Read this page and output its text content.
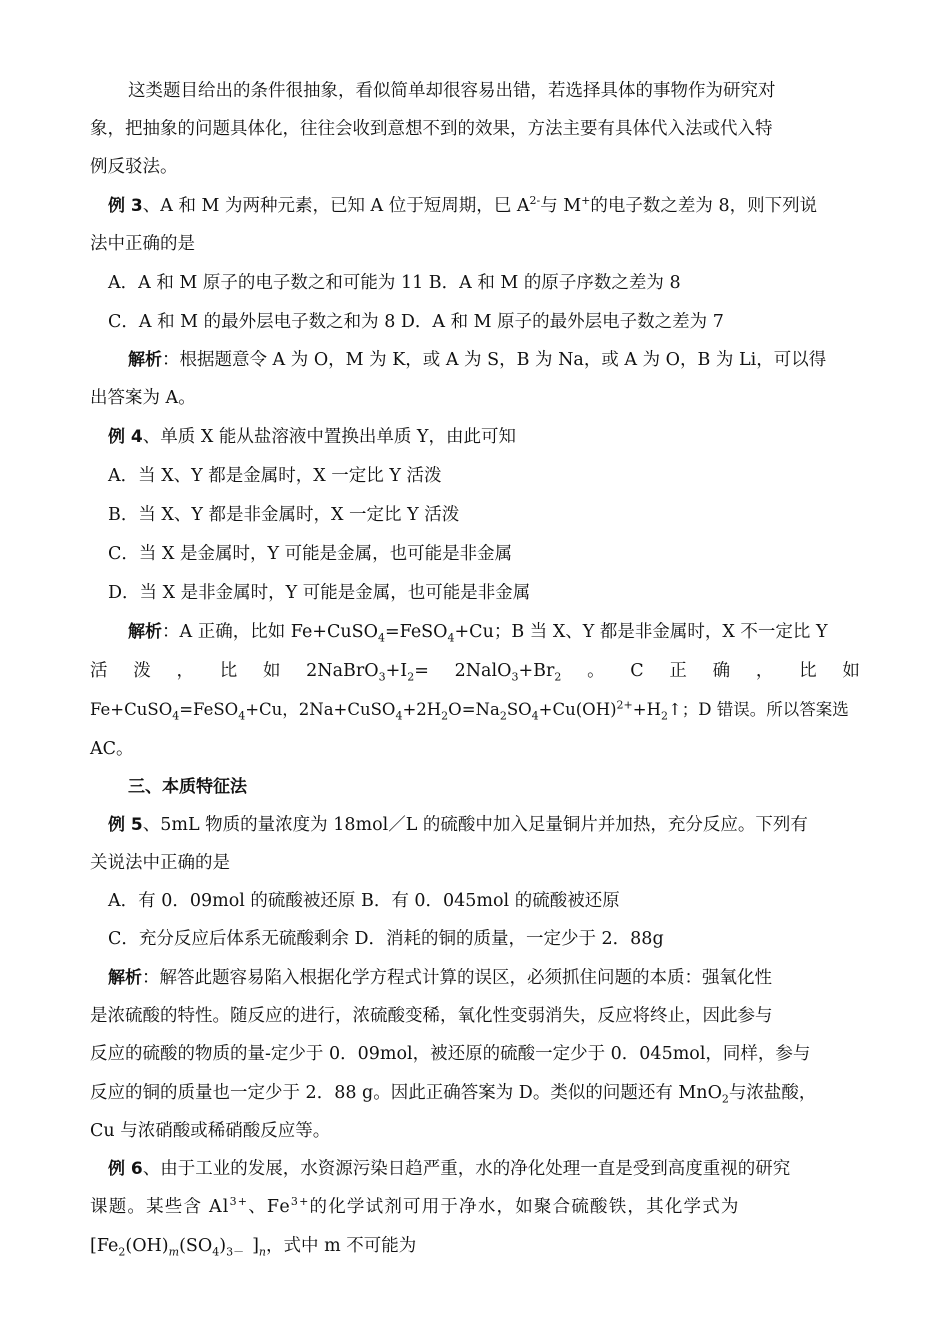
这类题目给出的条件很抽象，看似简单却很容易出错，若选择具体的事物作为研究对
象，把抽象的问题具体化，往往会收到意想不到的效果，方法主要有具体代入法或代入特
例反驳法。
例 3、A 和 M 为两种元素，已知 A 位于短周期，巳 $A^{2-}$与 M+的电子数之差为 8，则下列说
法中正确的是
A．A 和 M 原子的电子数之和可能为 11 B．A 和 M 的原子序数之差为 8
C．A 和 M 的最外层电子数之和为 8 D．A 和 M 原子的最外层电子数之差为 7
解析：根据题意令 A 为 O，M 为 K，或 A 为 S，B 为 Na，或 A 为 O，B 为 Li，可以得
出答案为 A。
例 4、单质 X 能从盐溶液中置换出单质 Y，由此可知
A．当 X、Y 都是金属时，X 一定比 Y 活泼
B．当 X、Y 都是非金属时，X 一定比 Y 活泼
C．当 X 是金属时，Y 可能是金属，也可能是非金属
D．当 X 是非金属时，Y 可能是金属，也可能是非金属
解析：A 正确，比如 Fe+CuSO$_4$=FeSO$_4$+Cu；B 当 X、Y 都是非金属时，X 不一定比 Y
活 泼 ， 比 如 $2NaBrO_3+I_2=$ $2NalO_3+Br_2$ 。 C 正 确 ， 比 如
Fe+CuSO$_4$=FeSO$_4$+Cu，$2Na+CuSO_4+2H_2O=Na_2SO_4+Cu(OH)^{2+}+H_2↑$；D 错误。所以答案选
AC。
三、本质特征法
例 5、5mL 物质的量浓度为 18mol／L 的硫酸中加入足量铜片并加热，充分反应。下列有
关说法中正确的是
A．有 0．09mol 的硫酸被还原 B．有 0．045mol 的硫酸被还原
C．充分反应后体系无硫酸剩余 D．消耗的铜的质量，一定少于 2．88g
解析：解答此题容易陷入根据化学方程式计算的误区，必须抓住问题的本质：强氧化性
是浓硫酸的特性。随反应的进行，浓硫酸变稀，氧化性变弱消失，反应将终止，因此参与
反应的硫酸的物质的量-定少于 0．09mol，被还原的硫酸一定少于 0．045mol，同样，参与
反应的铜的质量也一定少于 2．88 g。因此正确答案为 D。类似的问题还有 MnO$_2$与浓盐酸，
Cu 与浓硝酸或稀硝酸反应等。
例 6、由于工业的发展，水资源污染日趋严重，水的净化处理一直是受到高度重视的研究
课题。某些含 $Al^{3+}$、$Fe^{3+}$的化学试剂可用于净水，如聚合硫酸铁，其化学式为
[$Fe_2(OH)_m(SO_4)_{3-}$ ]$_n$，式中 m 不可能为
